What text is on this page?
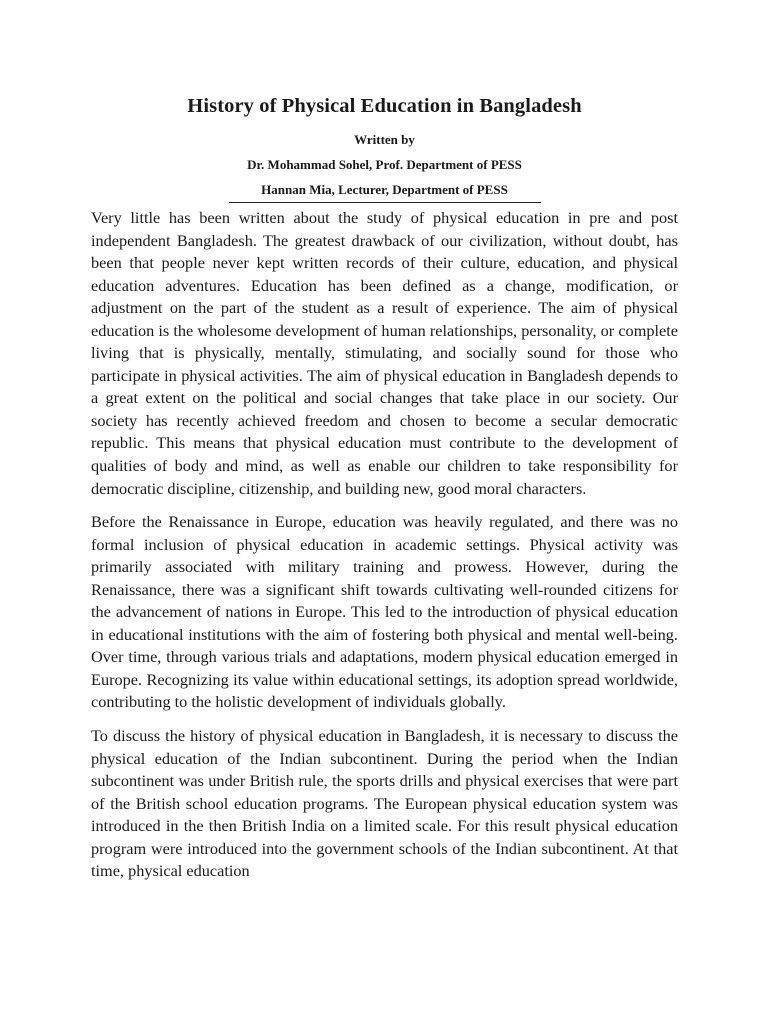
History of Physical Education in Bangladesh

Written by

Dr. Mohammad Sohel, Prof. Department of PESS

Hannan Mia, Lecturer, Department of PESS

Very little has been written about the study of physical education in pre and post independent Bangladesh. The greatest drawback of our civilization, without doubt, has been that people never kept written records of their culture, education, and physical education adventures. Education has been defined as a change, modification, or adjustment on the part of the student as a result of experience. The aim of physical education is the wholesome development of human relationships, personality, or complete living that is physically, mentally, stimulating, and socially sound for those who participate in physical activities. The aim of physical education in Bangladesh depends to a great extent on the political and social changes that take place in our society. Our society has recently achieved freedom and chosen to become a secular democratic republic. This means that physical education must contribute to the development of qualities of body and mind, as well as enable our children to take responsibility for democratic discipline, citizenship, and building new, good moral characters.

Before the Renaissance in Europe, education was heavily regulated, and there was no formal inclusion of physical education in academic settings. Physical activity was primarily associated with military training and prowess. However, during the Renaissance, there was a significant shift towards cultivating well-rounded citizens for the advancement of nations in Europe. This led to the introduction of physical education in educational institutions with the aim of fostering both physical and mental well-being. Over time, through various trials and adaptations, modern physical education emerged in Europe. Recognizing its value within educational settings, its adoption spread worldwide, contributing to the holistic development of individuals globally.

To discuss the history of physical education in Bangladesh, it is necessary to discuss the physical education of the Indian subcontinent. During the period when the Indian subcontinent was under British rule, the sports drills and physical exercises that were part of the British school education programs. The European physical education system was introduced in the then British India on a limited scale. For this result physical education program were introduced into the government schools of the Indian subcontinent. At that time, physical education
